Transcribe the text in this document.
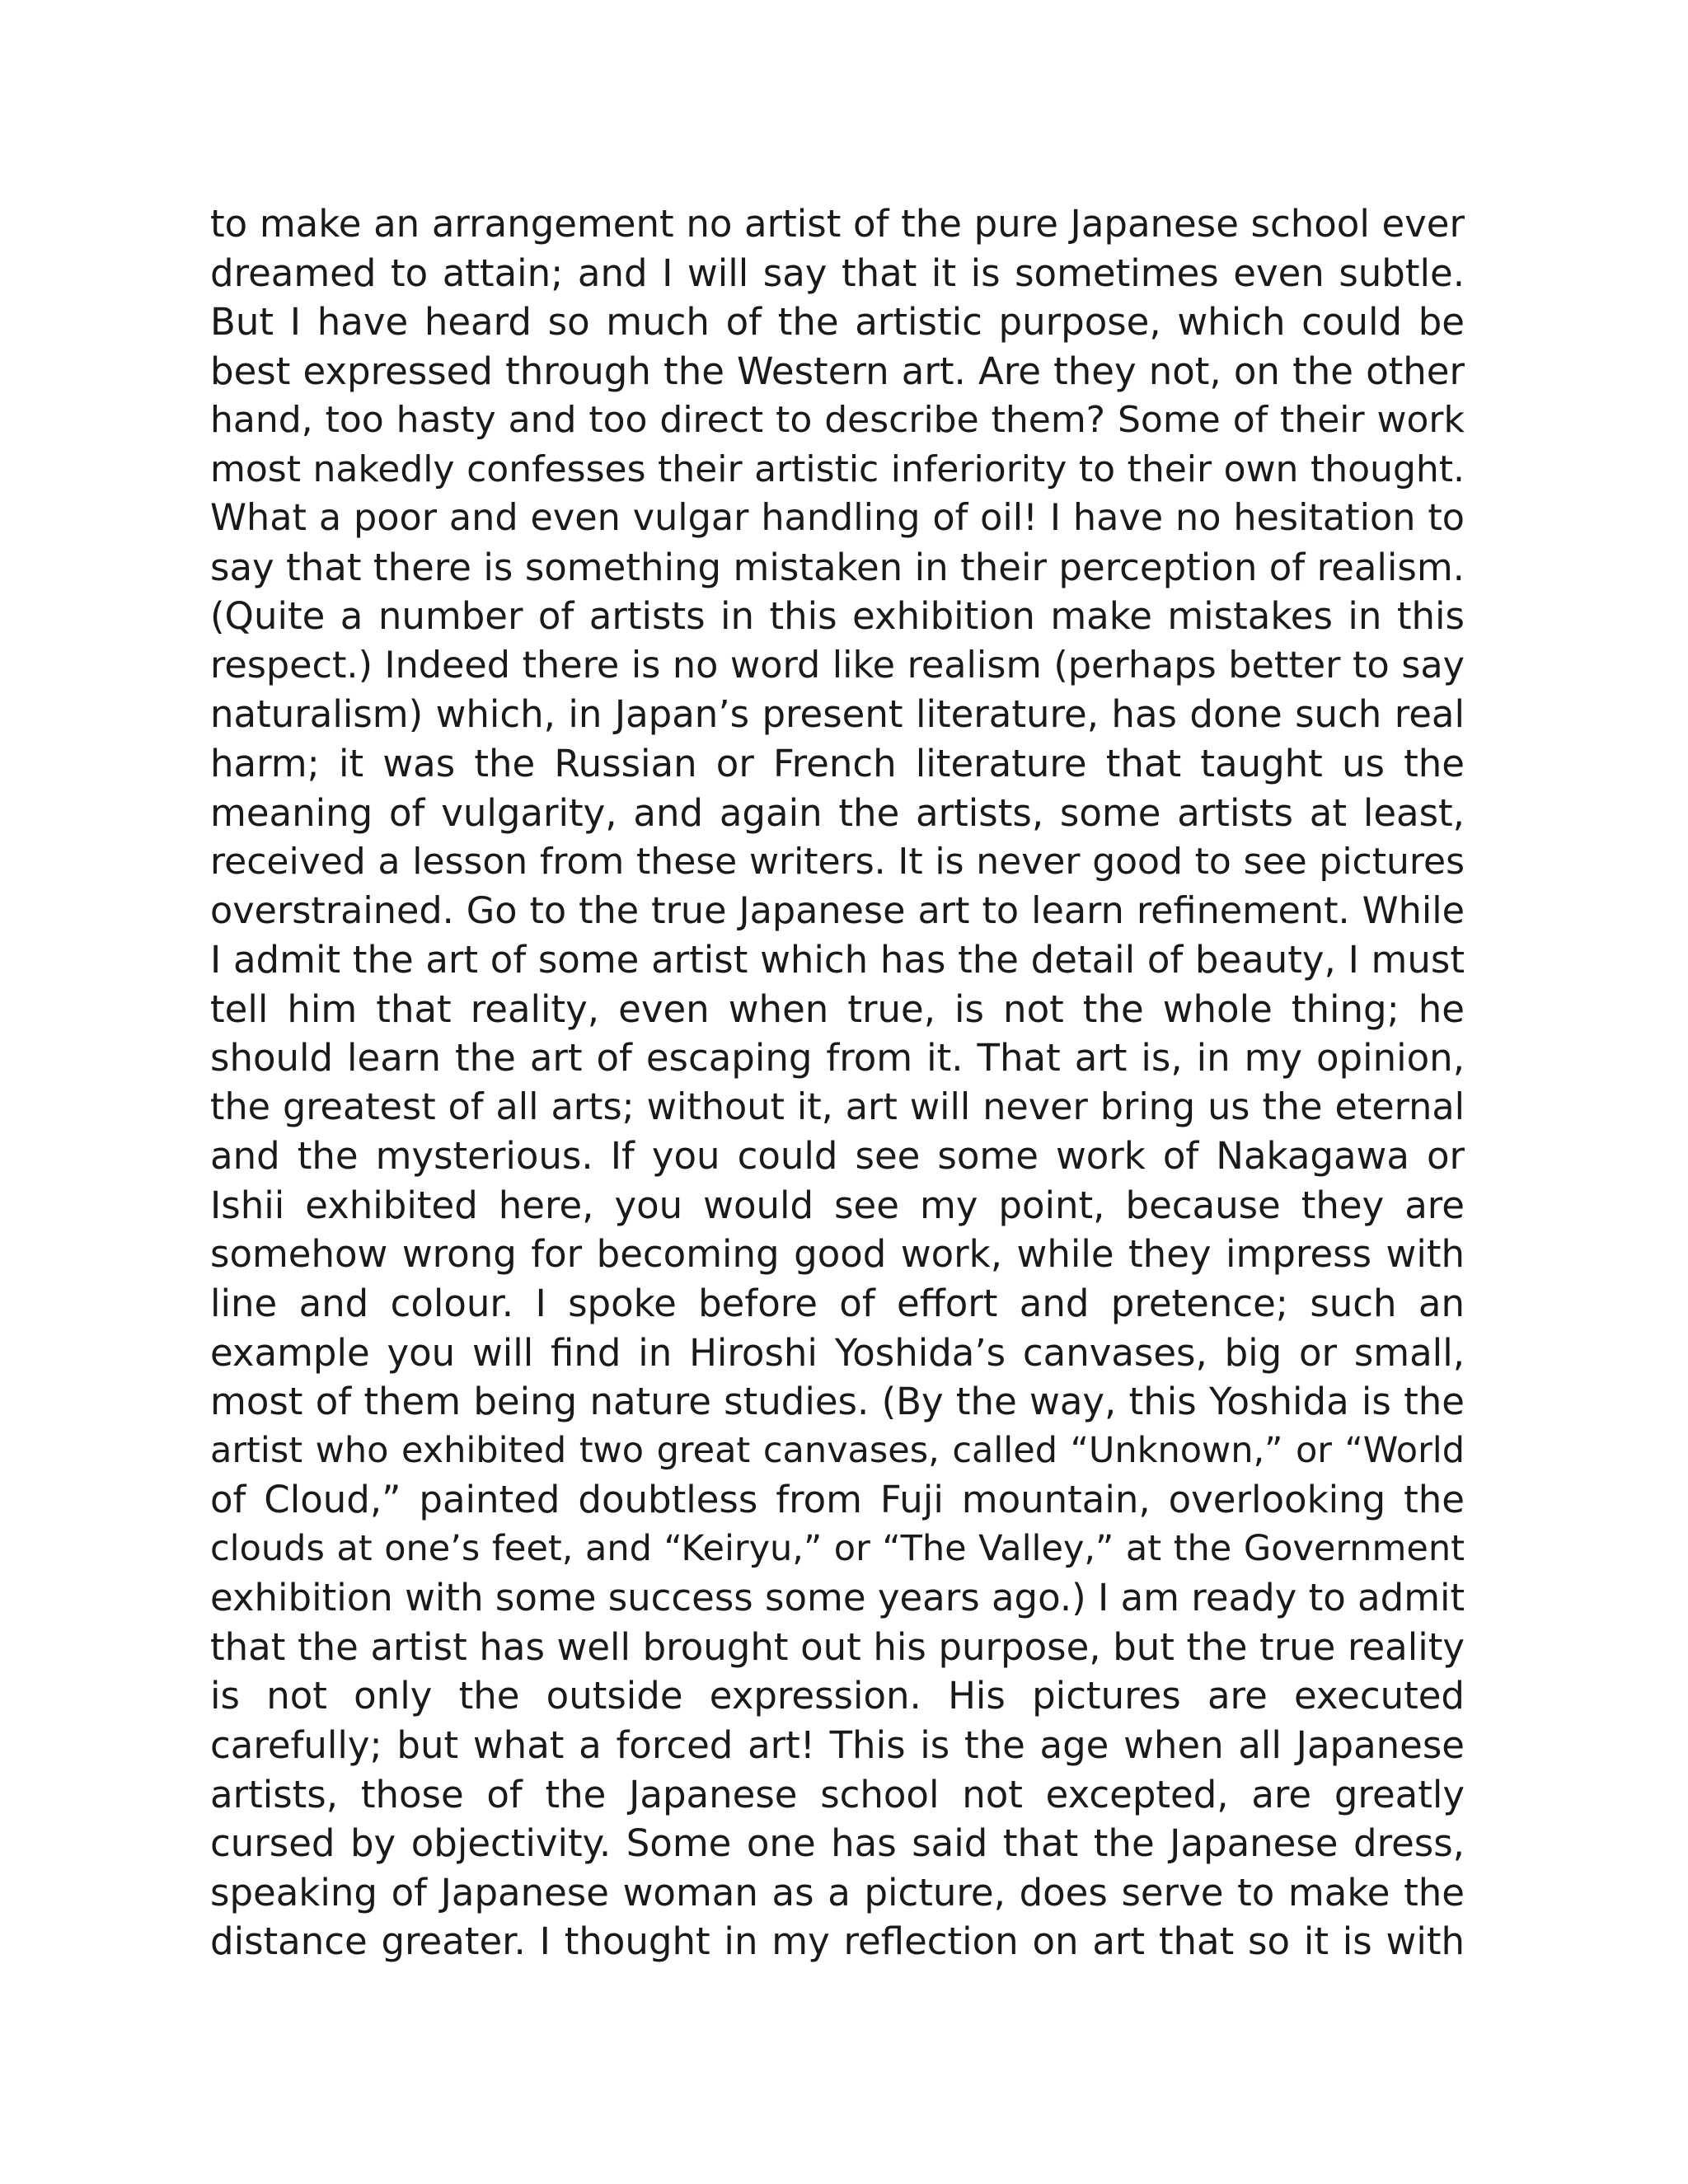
to make an arrangement no artist of the pure Japanese school ever
dreamed to attain; and I will say that it is sometimes even subtle.
But I have heard so much of the artistic purpose, which could be
best expressed through the Western art. Are they not, on the other
hand, too hasty and too direct to describe them? Some of their work
most nakedly confesses their artistic inferiority to their own thought.
What a poor and even vulgar handling of oil! I have no hesitation to
say that there is something mistaken in their perception of realism.
(Quite a number of artists in this exhibition make mistakes in this
respect.) Indeed there is no word like realism (perhaps better to say
naturalism) which, in Japan’s present literature, has done such real
harm; it was the Russian or French literature that taught us the
meaning of vulgarity, and again the artists, some artists at least,
received a lesson from these writers. It is never good to see pictures
overstrained. Go to the true Japanese art to learn refinement. While
I admit the art of some artist which has the detail of beauty, I must
tell him that reality, even when true, is not the whole thing; he
should learn the art of escaping from it. That art is, in my opinion,
the greatest of all arts; without it, art will never bring us the eternal
and the mysterious. If you could see some work of Nakagawa or
Ishii exhibited here, you would see my point, because they are
somehow wrong for becoming good work, while they impress with
line and colour. I spoke before of effort and pretence; such an
example you will find in Hiroshi Yoshida’s canvases, big or small,
most of them being nature studies. (By the way, this Yoshida is the
artist who exhibited two great canvases, called “Unknown,” or “World
of Cloud,” painted doubtless from Fuji mountain, overlooking the
clouds at one’s feet, and “Keiryu,” or “The Valley,” at the Government
exhibition with some success some years ago.) I am ready to admit
that the artist has well brought out his purpose, but the true reality
is not only the outside expression. His pictures are executed
carefully; but what a forced art! This is the age when all Japanese
artists, those of the Japanese school not excepted, are greatly
cursed by objectivity. Some one has said that the Japanese dress,
speaking of Japanese woman as a picture, does serve to make the
distance greater. I thought in my reflection on art that so it is with
